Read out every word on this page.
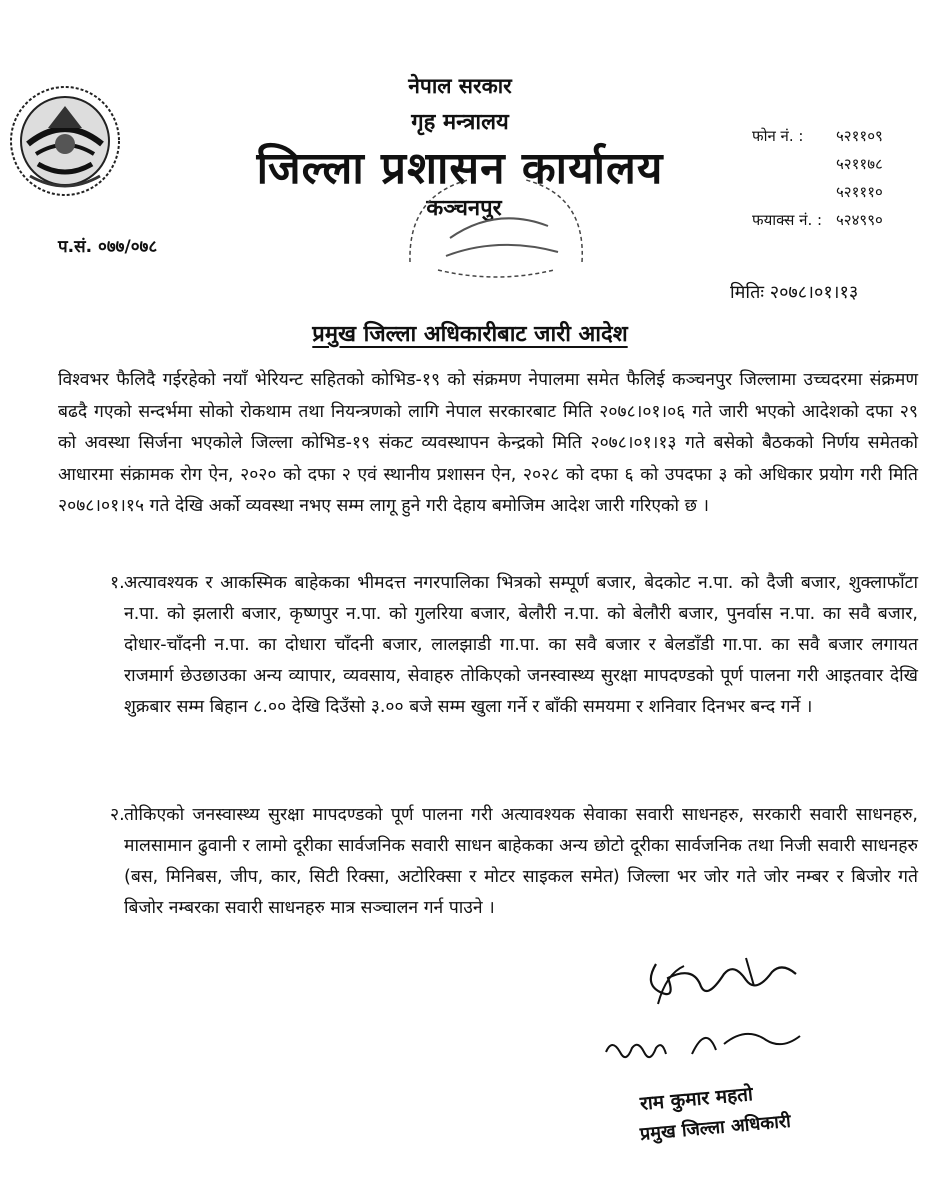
नेपाल सरकार
गृह मन्त्रालय
जिल्ला प्रशासन कार्यालय
कञ्चनपुर
फोन नं. :	५२११०९
५२११७८
५२१११०
फयाक्स नं. : ५२४९९०
प.सं. ०७७/०७८
मितिः २०७८।०१।१३
प्रमुख जिल्ला अधिकारीबाट जारी आदेश
विश्वभर फैलिदै गईरहेको नयाँ भेरियन्ट सहितको कोभिड-१९ को संक्रमण नेपालमा समेत फैलिई कञ्चनपुर जिल्लामा उच्चदरमा संक्रमण बढदै गएको सन्दर्भमा सोको रोकथाम तथा नियन्त्रणको लागि नेपाल सरकारबाट मिति २०७८।०१।०६ गते जारी भएको आदेशको दफा २९ को अवस्था सिर्जना भएकोले जिल्ला कोभिड-१९ संकट व्यवस्थापन केन्द्रको मिति २०७८।०१।१३ गते बसेको बैठकको निर्णय समेतको आधारमा संक्रामक रोग ऐन, २०२० को दफा २ एवं स्थानीय प्रशासन ऐन, २०२८ को दफा ६ को उपदफा ३ को अधिकार प्रयोग गरी मिति २०७८।०१।१५ गते देखि अर्को व्यवस्था नभए सम्म लागू हुने गरी देहाय बमोजिम आदेश जारी गरिएको छ ।
१. अत्यावश्यक र आकस्मिक बाहेकका भीमदत्त नगरपालिका भित्रको सम्पूर्ण बजार, बेदकोट न.पा. को दैजी बजार, शुक्लाफाँटा न.पा. को झलारी बजार, कृष्णपुर न.पा. को गुलरिया बजार, बेलौरी न.पा. को बेलौरी बजार, पुनर्वास न.पा. का सवै बजार, दोधार-चाँदनी न.पा. का दोधारा चाँदनी बजार, लालझाडी गा.पा. का सवै बजार र बेलडाँडी गा.पा. का सवै बजार लगायत राजमार्ग छेउछाउका अन्य व्यापार, व्यवसाय, सेवाहरु तोकिएको जनस्वास्थ्य सुरक्षा मापदण्डको पूर्ण पालना गरी आइतवार देखि शुक्रबार सम्म बिहान ८.०० देखि दिउँसो ३.०० बजे सम्म खुला गर्ने र बाँकी समयमा र शनिवार दिनभर बन्द गर्ने ।
२. तोकिएको जनस्वास्थ्य सुरक्षा मापदण्डको पूर्ण पालना गरी अत्यावश्यक सेवाका सवारी साधनहरु, सरकारी सवारी साधनहरु, मालसामान ढुवानी र लामो दूरीका सार्वजनिक सवारी साधन बाहेकका अन्य छोटो दूरीका सार्वजनिक तथा निजी सवारी साधनहरु (बस, मिनिबस, जीप, कार, सिटी रिक्सा, अटोरिक्सा र मोटर साइकल समेत) जिल्ला भर जोर गते जोर नम्बर र बिजोर गते बिजोर नम्बरका सवारी साधनहरु मात्र सञ्चालन गर्न पाउने ।
राम कुमार महतो
प्रमुख जिल्ला अधिकारी
